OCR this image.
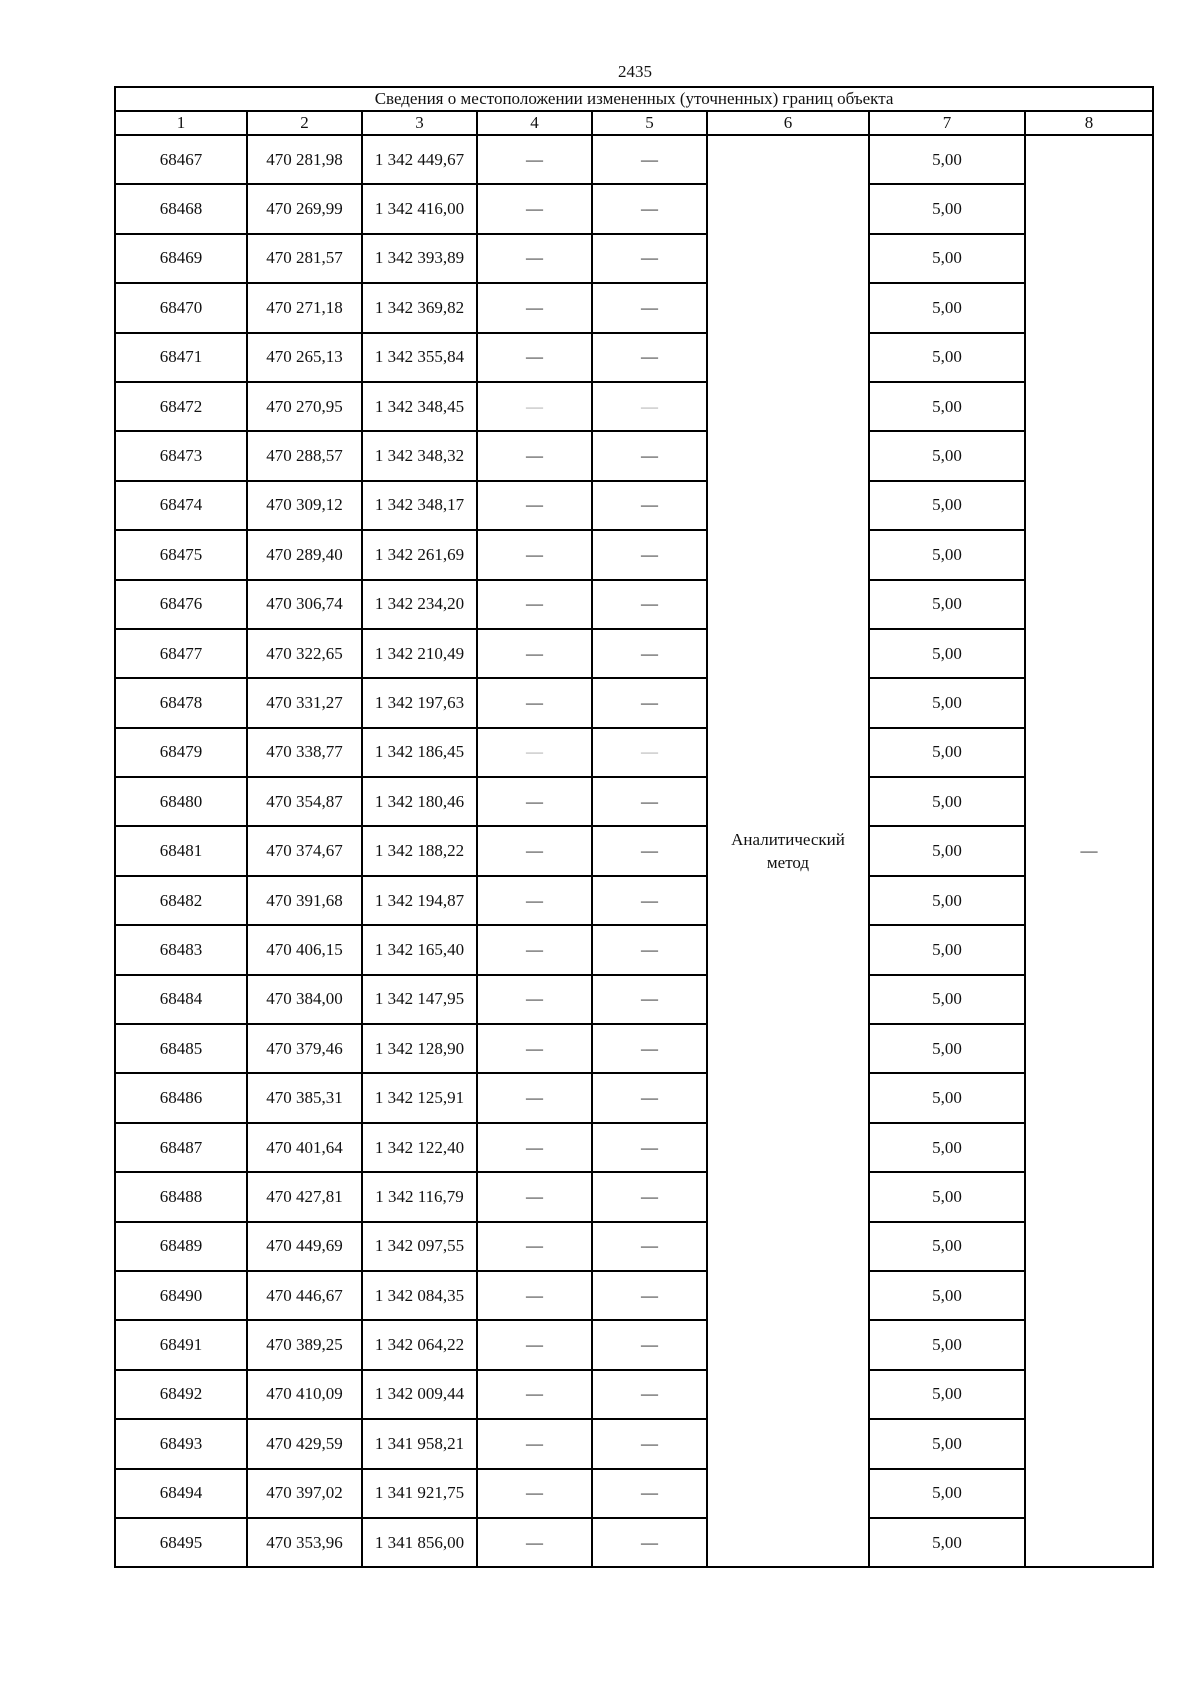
2435
Сведения о местоположении измененных (уточненных) границ объекта							
1	2	3	4	5	6	7	8
68467	470 281,98	1 342 449,67	—	—	Аналитический метод	5,00	—
68468	470 269,99	1 342 416,00	—	—		5,00	
68469	470 281,57	1 342 393,89	—	—		5,00	
68470	470 271,18	1 342 369,82	—	—		5,00	
68471	470 265,13	1 342 355,84	—	—		5,00	
68472	470 270,95	1 342 348,45	—	—		5,00	
68473	470 288,57	1 342 348,32	—	—		5,00	
68474	470 309,12	1 342 348,17	—	—		5,00	
68475	470 289,40	1 342 261,69	—	—		5,00	
68476	470 306,74	1 342 234,20	—	—		5,00	
68477	470 322,65	1 342 210,49	—	—		5,00	
68478	470 331,27	1 342 197,63	—	—		5,00	
68479	470 338,77	1 342 186,45	—	—		5,00	
68480	470 354,87	1 342 180,46	—	—		5,00	
68481	470 374,67	1 342 188,22	—	—		5,00	
68482	470 391,68	1 342 194,87	—	—		5,00	
68483	470 406,15	1 342 165,40	—	—		5,00	
68484	470 384,00	1 342 147,95	—	—		5,00	
68485	470 379,46	1 342 128,90	—	—		5,00	
68486	470 385,31	1 342 125,91	—	—		5,00	
68487	470 401,64	1 342 122,40	—	—		5,00	
68488	470 427,81	1 342 116,79	—	—		5,00	
68489	470 449,69	1 342 097,55	—	—		5,00	
68490	470 446,67	1 342 084,35	—	—		5,00	
68491	470 389,25	1 342 064,22	—	—		5,00	
68492	470 410,09	1 342 009,44	—	—		5,00	
68493	470 429,59	1 341 958,21	—	—		5,00	
68494	470 397,02	1 341 921,75	—	—		5,00	
68495	470 353,96	1 341 856,00	—	—		5,00	
